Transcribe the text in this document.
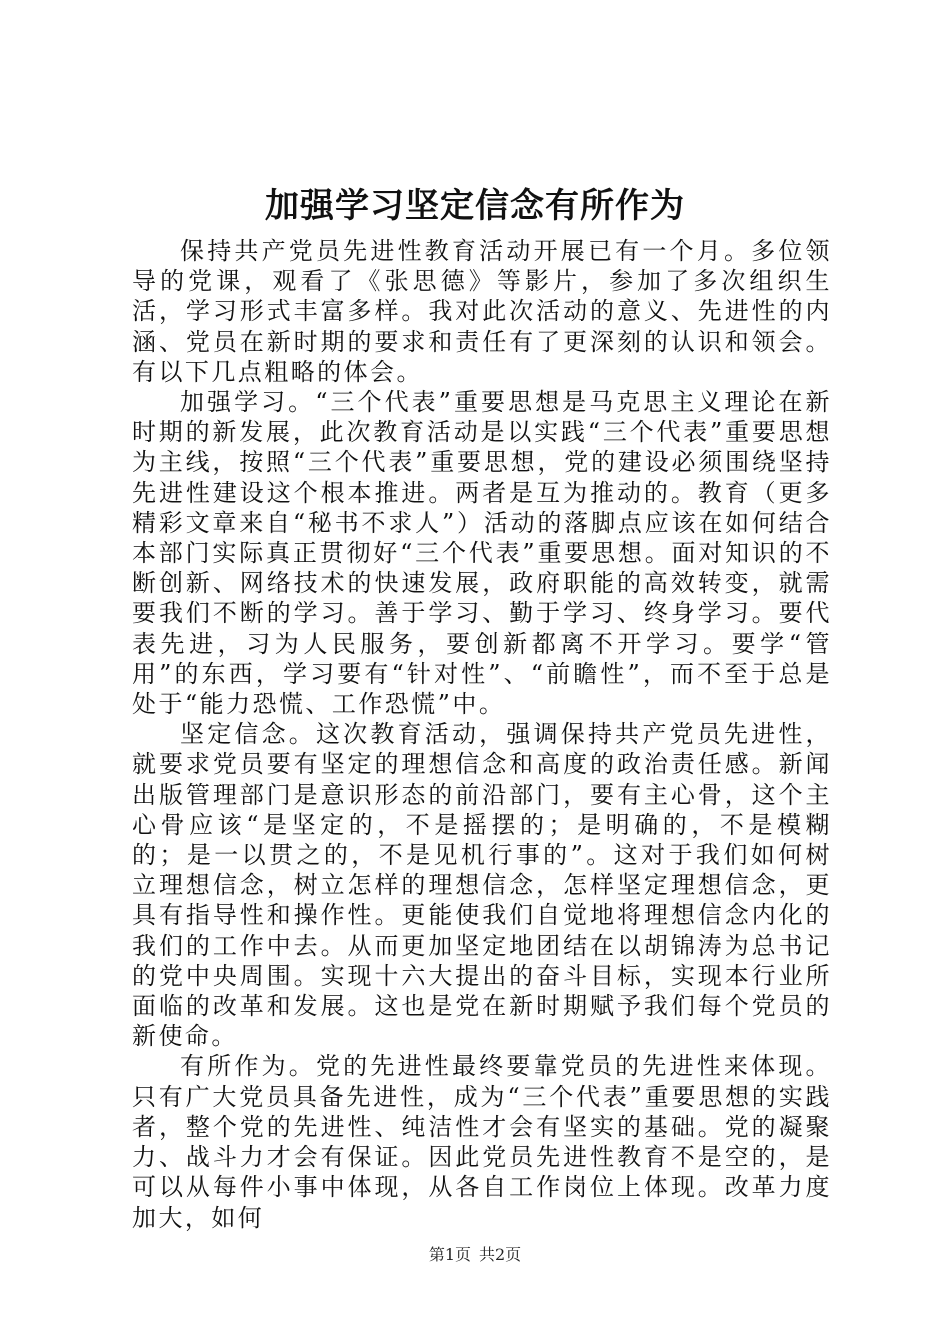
加强学习坚定信念有所作为

保持共产党员先进性教育活动开展已有一个月。多位领导的党课，观看了《张思德》等影片，参加了多次组织生活，学习形式丰富多样。我对此次活动的意义、先进性的内涵、党员在新时期的要求和责任有了更深刻的认识和领会。有以下几点粗略的体会。

加强学习。“三个代表”重要思想是马克思主义理论在新时期的新发展，此次教育活动是以实践“三个代表”重要思想为主线，按照“三个代表”重要思想，党的建设必须围绕坚持先进性建设这个根本推进。两者是互为推动的。教育（更多精彩文章来自“秘书不求人”）活动的落脚点应该在如何结合本部门实际真正贯彻好“三个代表”重要思想。面对知识的不断创新、网络技术的快速发展，政府职能的高效转变，就需要我们不断的学习。善于学习、勤于学习、终身学习。要代表先进，习为人民服务，要创新都离不开学习。要学“管用”的东西，学习要有“针对性”、“前瞻性”，而不至于总是处于“能力恐慌、工作恐慌”中。

坚定信念。这次教育活动，强调保持共产党员先进性，就要求党员要有坚定的理想信念和高度的政治责任感。新闻出版管理部门是意识形态的前沿部门，要有主心骨，这个主心骨应该“是坚定的，不是摇摆的；是明确的，不是模糊的；是一以贯之的，不是见机行事的”。这对于我们如何树立理想信念，树立怎样的理想信念，怎样坚定理想信念，更具有指导性和操作性。更能使我们自觉地将理想信念内化的我们的工作中去。从而更加坚定地团结在以胡锦涛为总书记的党中央周围。实现十六大提出的奋斗目标，实现本行业所面临的改革和发展。这也是党在新时期赋予我们每个党员的新使命。

有所作为。党的先进性最终要靠党员的先进性来体现。只有广大党员具备先进性，成为“三个代表”重要思想的实践者，整个党的先进性、纯洁性才会有坚实的基础。党的凝聚力、战斗力才会有保证。因此党员先进性教育不是空的，是可以从每件小事中体现，从各自工作岗位上体现。改革力度加大，如何

第1页 共2页
